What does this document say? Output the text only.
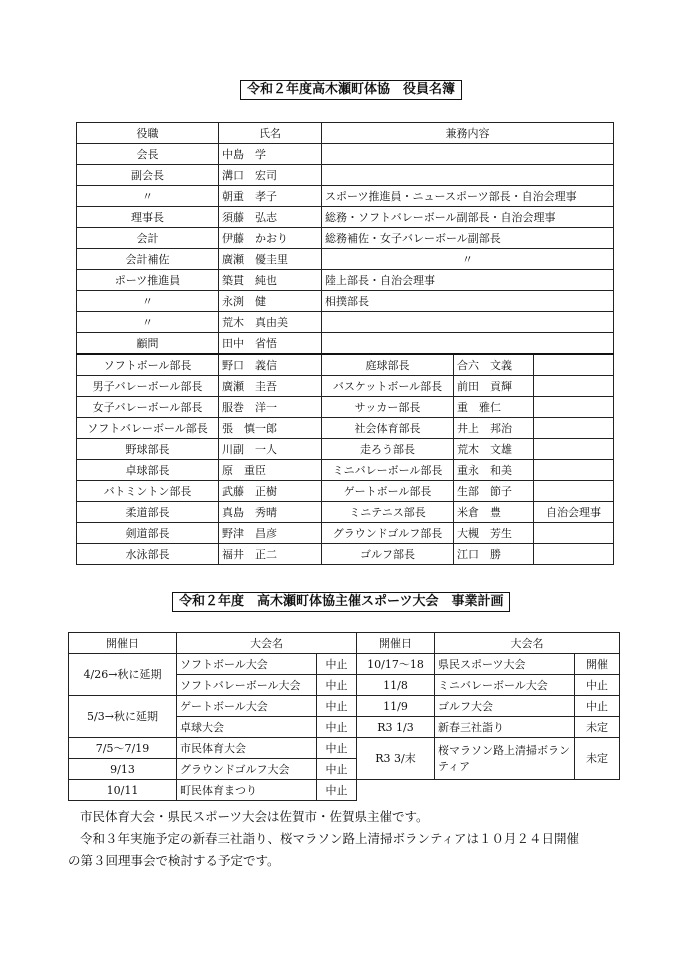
令和２年度高木瀬町体協　役員名簿
役職	氏名	兼務内容		
会長	中島　学			
副会長	溝口　宏司			
〃	朝重　孝子	スポーツ推進員・ニュースポーツ部長・自治会理事		
理事長	須藤　弘志	総務・ソフトバレーボール副部長・自治会理事		
会計	伊藤　かおり	総務補佐・女子バレーボール副部長		
会計補佐	廣瀬　優圭里	〃		
ポーツ推進員	築貫　純也	陸上部長・自治会理事		
〃	永渕　健	相撲部長		
〃	荒木　真由美			
顧問	田中　省悟			
ソフトボール部長	野口　義信	庭球部長	合六　文義	
男子バレーボール部長	廣瀬　圭吾	バスケットボール部長	前田　貢輝	
女子バレーボール部長	服巻　洋一	サッカー部長	重　雅仁	
ソフトバレーボール部長	張　慎一郎	社会体育部長	井上　邦治	
野球部長	川副　一人	走ろう部長	荒木　文雄	
卓球部長	原　重臣	ミニバレーボール部長	重永　和美	
バトミントン部長	武藤　正樹	ゲートボール部長	生部　節子	
柔道部長	真島　秀晴	ミニテニス部長	米倉　豊	自治会理事
剣道部長	野津　昌彦	グラウンドゴルフ部長	大槻　芳生	
水泳部長	福井　正二	ゴルフ部長	江口　勝	
令和２年度　高木瀬町体協主催スポーツ大会　事業計画
開催日	大会名		開催日	大会名	
4/26→秋に延期	ソフトボール大会	中止	10/17〜18	県民スポーツ大会	開催
	ソフトバレーボール大会	中止	11/8	ミニバレーボール大会	中止
5/3→秋に延期	ゲートボール大会	中止	11/9	ゴルフ大会	中止
	卓球大会	中止	R3 1/3	新春三社詣り	未定
7/5〜7/19	市民体育大会	中止	R3 3/末	桜マラソン路上清掃ボランティア	未定
9/13	グラウンドゴルフ大会	中止			
10/11	町民体育まつり	中止			

市民体育大会・県民スポーツ大会は佐賀市・佐賀県主催です。

令和３年実施予定の新春三社詣り、桜マラソン路上清掃ボランティアは１０月２４日開催

の第３回理事会で検討する予定です。
